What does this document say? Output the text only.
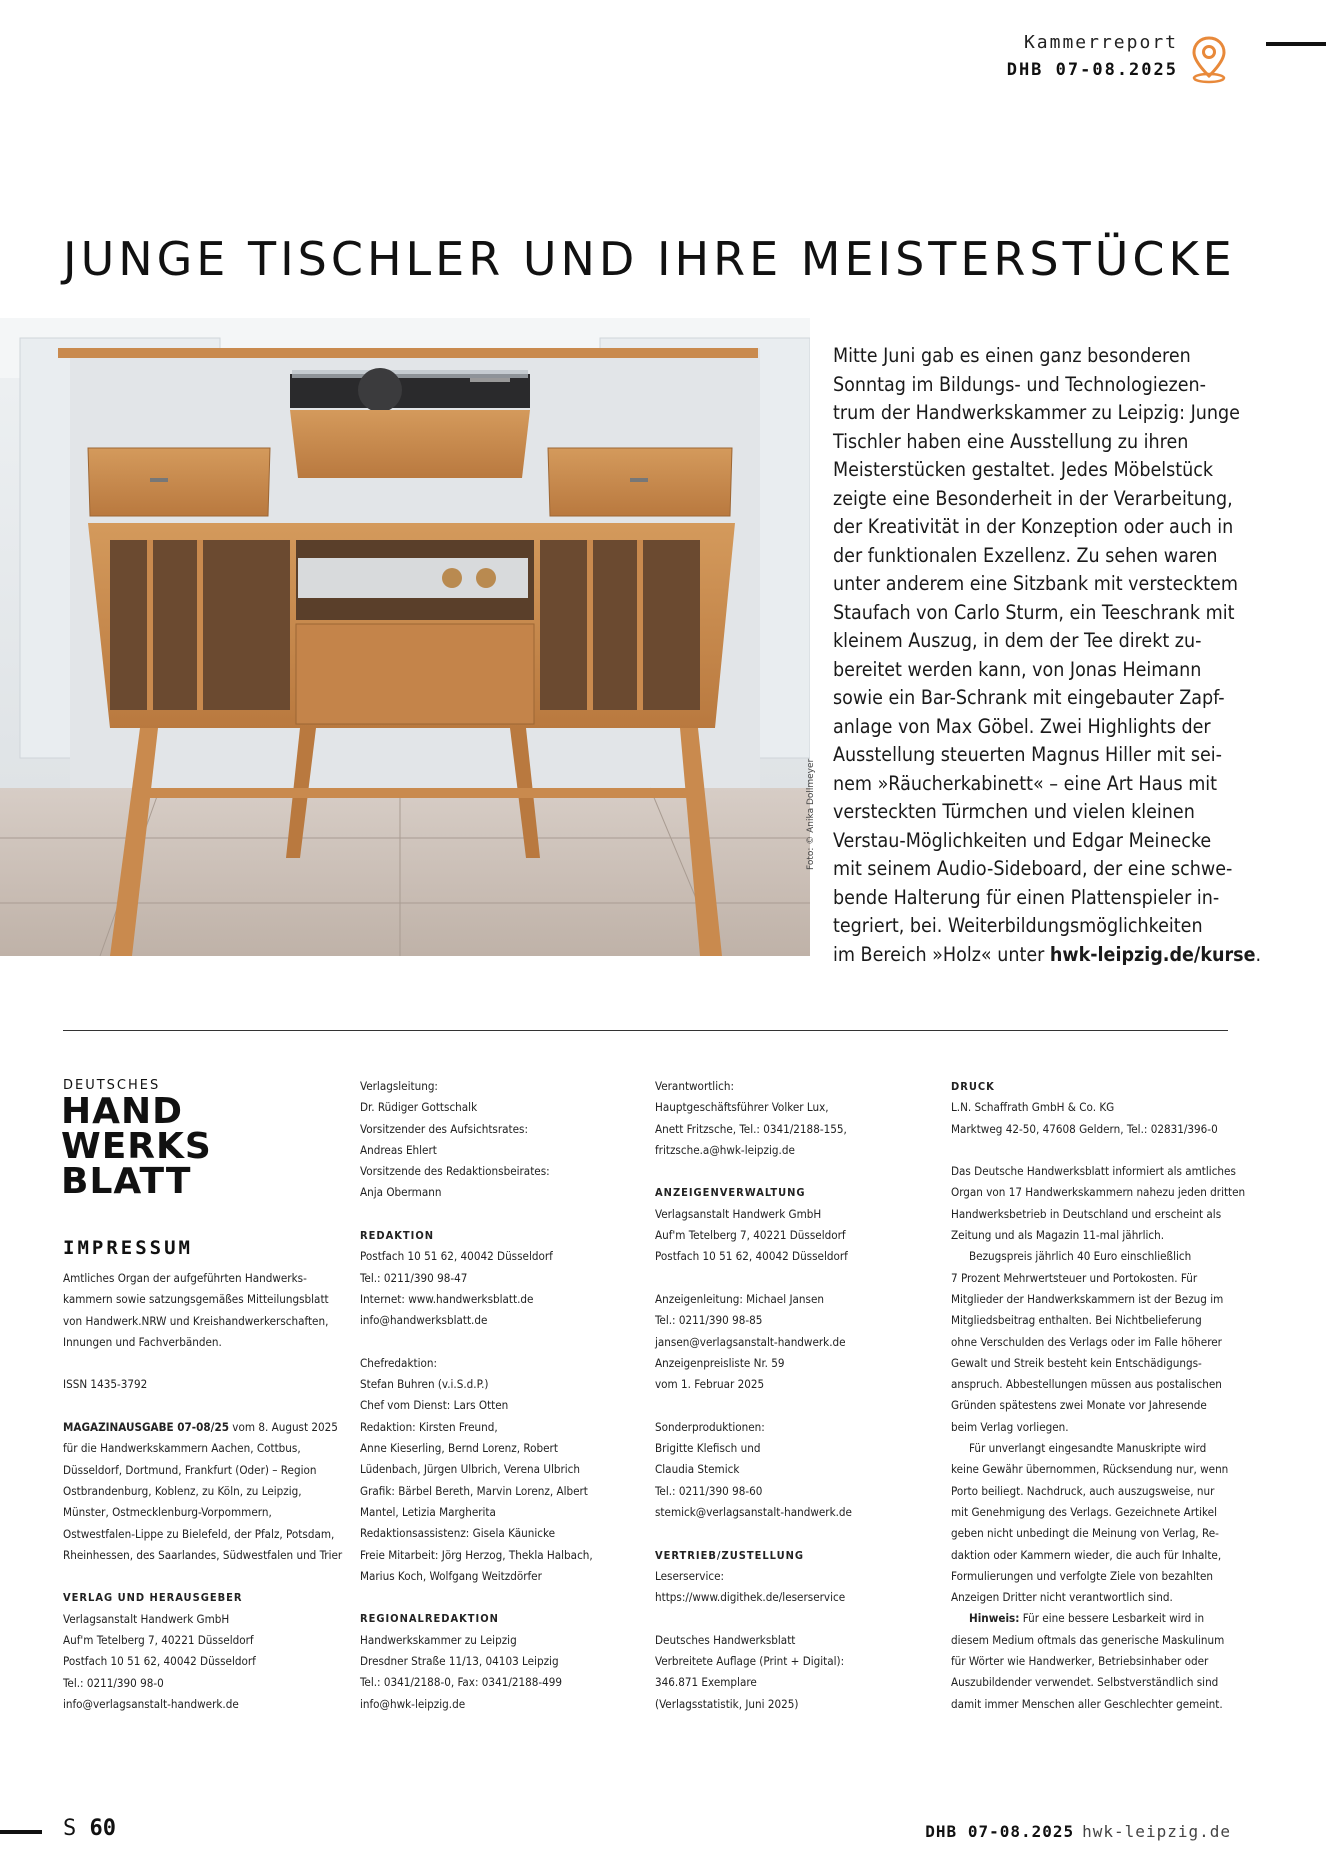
Kammerreport
DHB 07-08.2025
JUNGE TISCHLER UND IHRE MEISTERSTÜCKE
Foto: © Anika Dollmeyer
Mitte Juni gab es einen ganz besonderen
Sonntag im Bildungs- und Technologiezen-
trum der Handwerkskammer zu Leipzig: Junge
Tischler haben eine Ausstellung zu ihren
Meisterstücken gestaltet. Jedes Möbelstück
zeigte eine Besonderheit in der Verarbeitung,
der Kreativität in der Konzeption oder auch in
der funktionalen Exzellenz. Zu sehen waren
unter anderem eine Sitzbank mit verstecktem
Staufach von Carlo Sturm, ein Teeschrank mit
kleinem Auszug, in dem der Tee direkt zu-
bereitet werden kann, von Jonas Heimann
sowie ein Bar-Schrank mit eingebauter Zapf-
anlage von Max Göbel. Zwei Highlights der
Ausstellung steuerten Magnus Hiller mit sei-
nem »Räucherkabinett« – eine Art Haus mit
versteckten Türmchen und vielen kleinen
Verstau-Möglichkeiten und Edgar Meinecke
mit seinem Audio-Sideboard, der eine schwe-
bende Halterung für einen Plattenspieler in-
tegriert, bei. Weiterbildungsmöglichkeiten
im Bereich »Holz« unter hwk-leipzig.de/kurse.
DEUTSCHES
HAND
WERKS
BLATT
IMPRESSUM
Amtliches Organ der aufgeführten Handwerks-
kammern sowie satzungsgemäßes Mitteilungsblatt
von Handwerk.NRW und Kreishandwerkerschaften,
Innungen und Fachverbänden.
ISSN 1435-3792
MAGAZINAUSGABE 07-08/25 vom 8. August 2025
für die Handwerkskammern Aachen, Cottbus,
Düsseldorf, Dortmund, Frankfurt (Oder) – Region
Ostbrandenburg, Koblenz, zu Köln, zu Leipzig,
Münster, Ostmecklenburg-Vorpommern,
Ostwestfalen-Lippe zu Bielefeld, der Pfalz, Potsdam,
Rheinhessen, des Saarlandes, Südwestfalen und Trier
VERLAG UND HERAUSGEBER
Verlagsanstalt Handwerk GmbH
Auf'm Tetelberg 7, 40221 Düsseldorf
Postfach 10 51 62, 40042 Düsseldorf
Tel.: 0211/390 98-0
info@verlagsanstalt-handwerk.de
Verlagsleitung:
Dr. Rüdiger Gottschalk
Vorsitzender des Aufsichtsrates:
Andreas Ehlert
Vorsitzende des Redaktionsbeirates:
Anja Obermann
REDAKTION
Postfach 10 51 62, 40042 Düsseldorf
Tel.: 0211/390 98-47
Internet: www.handwerksblatt.de
info@handwerksblatt.de
Chefredaktion:
Stefan Buhren (v.i.S.d.P.)
Chef vom Dienst: Lars Otten
Redaktion: Kirsten Freund,
Anne Kieserling, Bernd Lorenz, Robert
Lüdenbach, Jürgen Ulbrich, Verena Ulbrich
Grafik: Bärbel Bereth, Marvin Lorenz, Albert
Mantel, Letizia Margherita
Redaktionsassistenz: Gisela Käunicke
Freie Mitarbeit: Jörg Herzog, Thekla Halbach,
Marius Koch, Wolfgang Weitzdörfer
REGIONALREDAKTION
Handwerkskammer zu Leipzig
Dresdner Straße 11/13, 04103 Leipzig
Tel.: 0341/2188-0, Fax: 0341/2188-499
info@hwk-leipzig.de
Verantwortlich:
Hauptgeschäftsführer Volker Lux,
Anett Fritzsche, Tel.: 0341/2188-155,
fritzsche.a@hwk-leipzig.de
ANZEIGENVERWALTUNG
Verlagsanstalt Handwerk GmbH
Auf'm Tetelberg 7, 40221 Düsseldorf
Postfach 10 51 62, 40042 Düsseldorf
Anzeigenleitung: Michael Jansen
Tel.: 0211/390 98-85
jansen@verlagsanstalt-handwerk.de
Anzeigenpreisliste Nr. 59
vom 1. Februar 2025
Sonderproduktionen:
Brigitte Klefisch und
Claudia Stemick
Tel.: 0211/390 98-60
stemick@verlagsanstalt-handwerk.de
VERTRIEB/ZUSTELLUNG
Leserservice:
https://www.digithek.de/leserservice
Deutsches Handwerksblatt
Verbreitete Auflage (Print + Digital):
346.871 Exemplare
(Verlagsstatistik, Juni 2025)
DRUCK
L.N. Schaffrath GmbH & Co. KG
Marktweg 42-50, 47608 Geldern, Tel.: 02831/396-0
Das Deutsche Handwerksblatt informiert als amtliches
Organ von 17 Handwerkskammern nahezu jeden dritten
Handwerksbetrieb in Deutschland und erscheint als
Zeitung und als Magazin 11-mal jährlich.
Bezugspreis jährlich 40 Euro einschließlich
7 Prozent Mehrwertsteuer und Portokosten. Für
Mitglieder der Handwerkskammern ist der Bezug im
Mitgliedsbeitrag enthalten. Bei Nichtbelieferung
ohne Verschulden des Verlags oder im Falle höherer
Gewalt und Streik besteht kein Entschädigungs-
anspruch. Abbestellungen müssen aus postalischen
Gründen spätestens zwei Monate vor Jahresende
beim Verlag vorliegen.
Für unverlangt eingesandte Manuskripte wird
keine Gewähr übernommen, Rücksendung nur, wenn
Porto beiliegt. Nachdruck, auch auszugsweise, nur
mit Genehmigung des Verlags. Gezeichnete Artikel
geben nicht unbedingt die Meinung von Verlag, Re-
daktion oder Kammern wieder, die auch für Inhalte,
Formulierungen und verfolgte Ziele von bezahlten
Anzeigen Dritter nicht verantwortlich sind.
Hinweis: Für eine bessere Lesbarkeit wird in
diesem Medium oftmals das generische Maskulinum
für Wörter wie Handwerker, Betriebsinhaber oder
Auszubildender verwendet. Selbstverständlich sind
damit immer Menschen aller Geschlechter gemeint.
S 60	DHB 07-08.2025 hwk-leipzig.de
